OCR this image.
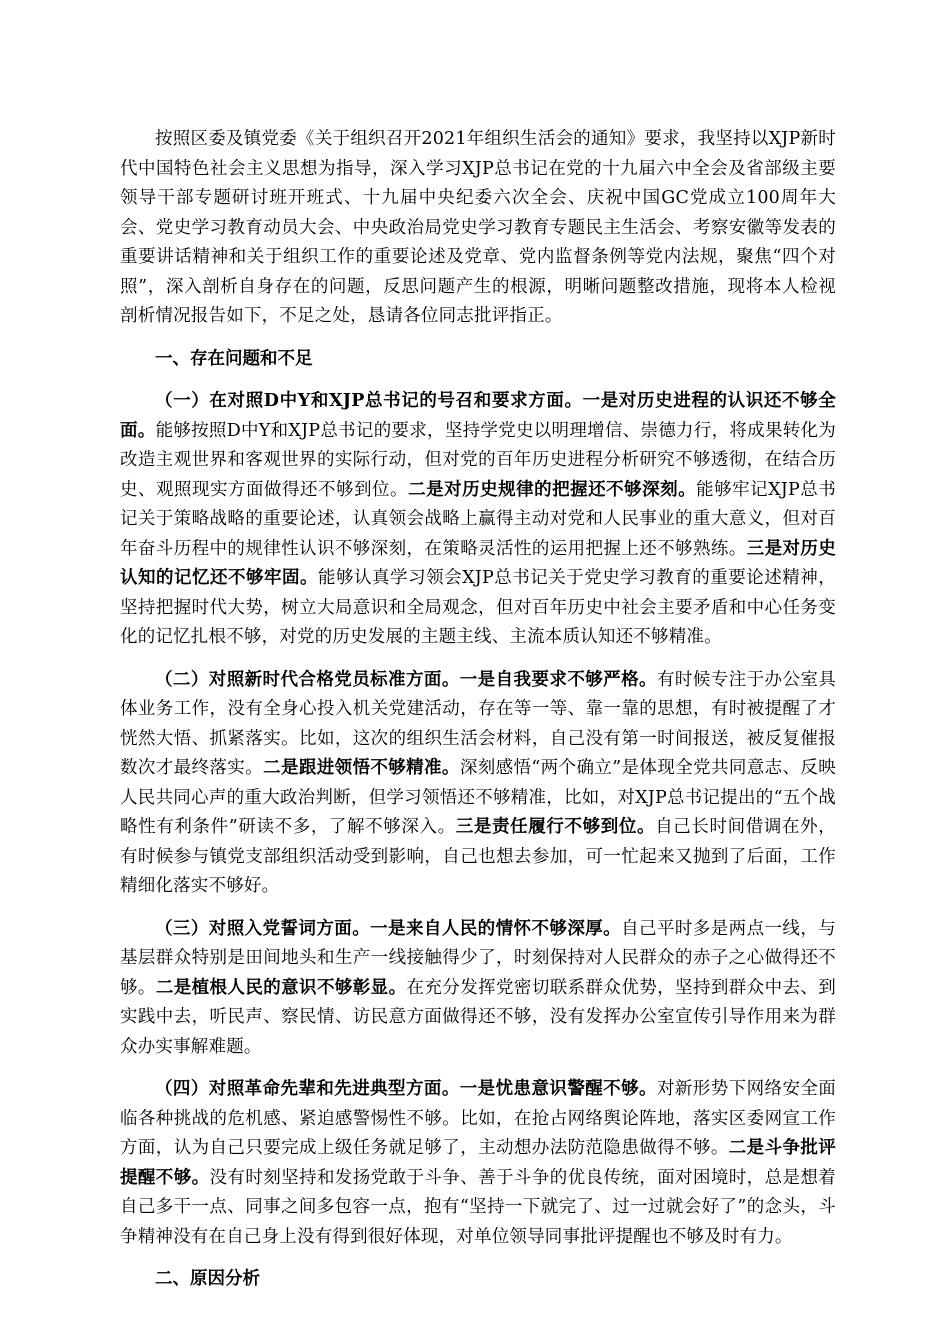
按照区委及镇党委《关于组织召开2021年组织生活会的通知》要求，我坚持以XJP新时代中国特色社会主义思想为指导，深入学习XJP总书记在党的十九届六中全会及省部级主要领导干部专题研讨班开班式、十九届中央纪委六次全会、庆祝中国GC党成立100周年大会、党史学习教育动员大会、中央政治局党史学习教育专题民主生活会、考察安徽等发表的重要讲话精神和关于组织工作的重要论述及党章、党内监督条例等党内法规，聚焦“四个对照”，深入剖析自身存在的问题，反思问题产生的根源，明晰问题整改措施，现将本人检视剖析情况报告如下，不足之处，恳请各位同志批评指正。

一、存在问题和不足

（一）在对照D中Y和XJP总书记的号召和要求方面。一是对历史进程的认识还不够全面。能够按照D中Y和XJP总书记的要求，坚持学党史以明理增信、崇德力行，将成果转化为改造主观世界和客观世界的实际行动，但对党的百年历史进程分析研究不够透彻，在结合历史、观照现实方面做得还不够到位。二是对历史规律的把握还不够深刻。能够牢记XJP总书记关于策略战略的重要论述，认真领会战略上赢得主动对党和人民事业的重大意义，但对百年奋斗历程中的规律性认识不够深刻，在策略灵活性的运用把握上还不够熟练。三是对历史认知的记忆还不够牢固。能够认真学习领会XJP总书记关于党史学习教育的重要论述精神，坚持把握时代大势，树立大局意识和全局观念，但对百年历史中社会主要矛盾和中心任务变化的记忆扎根不够，对党的历史发展的主题主线、主流本质认知还不够精准。

（二）对照新时代合格党员标准方面。一是自我要求不够严格。有时候专注于办公室具体业务工作，没有全身心投入机关党建活动，存在等一等、靠一靠的思想，有时被提醒了才恍然大悟、抓紧落实。比如，这次的组织生活会材料，自己没有第一时间报送，被反复催报数次才最终落实。二是跟进领悟不够精准。深刻感悟“两个确立”是体现全党共同意志、反映人民共同心声的重大政治判断，但学习领悟还不够精准，比如，对XJP总书记提出的“五个战略性有利条件”研读不多，了解不够深入。三是责任履行不够到位。自己长时间借调在外，有时候参与镇党支部组织活动受到影响，自己也想去参加，可一忙起来又抛到了后面，工作精细化落实不够好。

（三）对照入党誓词方面。一是来自人民的情怀不够深厚。自己平时多是两点一线，与基层群众特别是田间地头和生产一线接触得少了，时刻保持对人民群众的赤子之心做得还不够。二是植根人民的意识不够彰显。在充分发挥党密切联系群众优势，坚持到群众中去、到实践中去，听民声、察民情、访民意方面做得还不够，没有发挥办公室宣传引导作用来为群众办实事解难题。

（四）对照革命先辈和先进典型方面。一是忧患意识警醒不够。对新形势下网络安全面临各种挑战的危机感、紧迫感警惕性不够。比如，在抢占网络舆论阵地，落实区委网宣工作方面，认为自己只要完成上级任务就足够了，主动想办法防范隐患做得不够。二是斗争批评提醒不够。没有时刻坚持和发扬党敢于斗争、善于斗争的优良传统，面对困境时，总是想着自己多干一点、同事之间多包容一点，抱有“坚持一下就完了、过一过就会好了”的念头，斗争精神没有在自己身上没有得到很好体现，对单位领导同事批评提醒也不够及时有力。

二、原因分析
